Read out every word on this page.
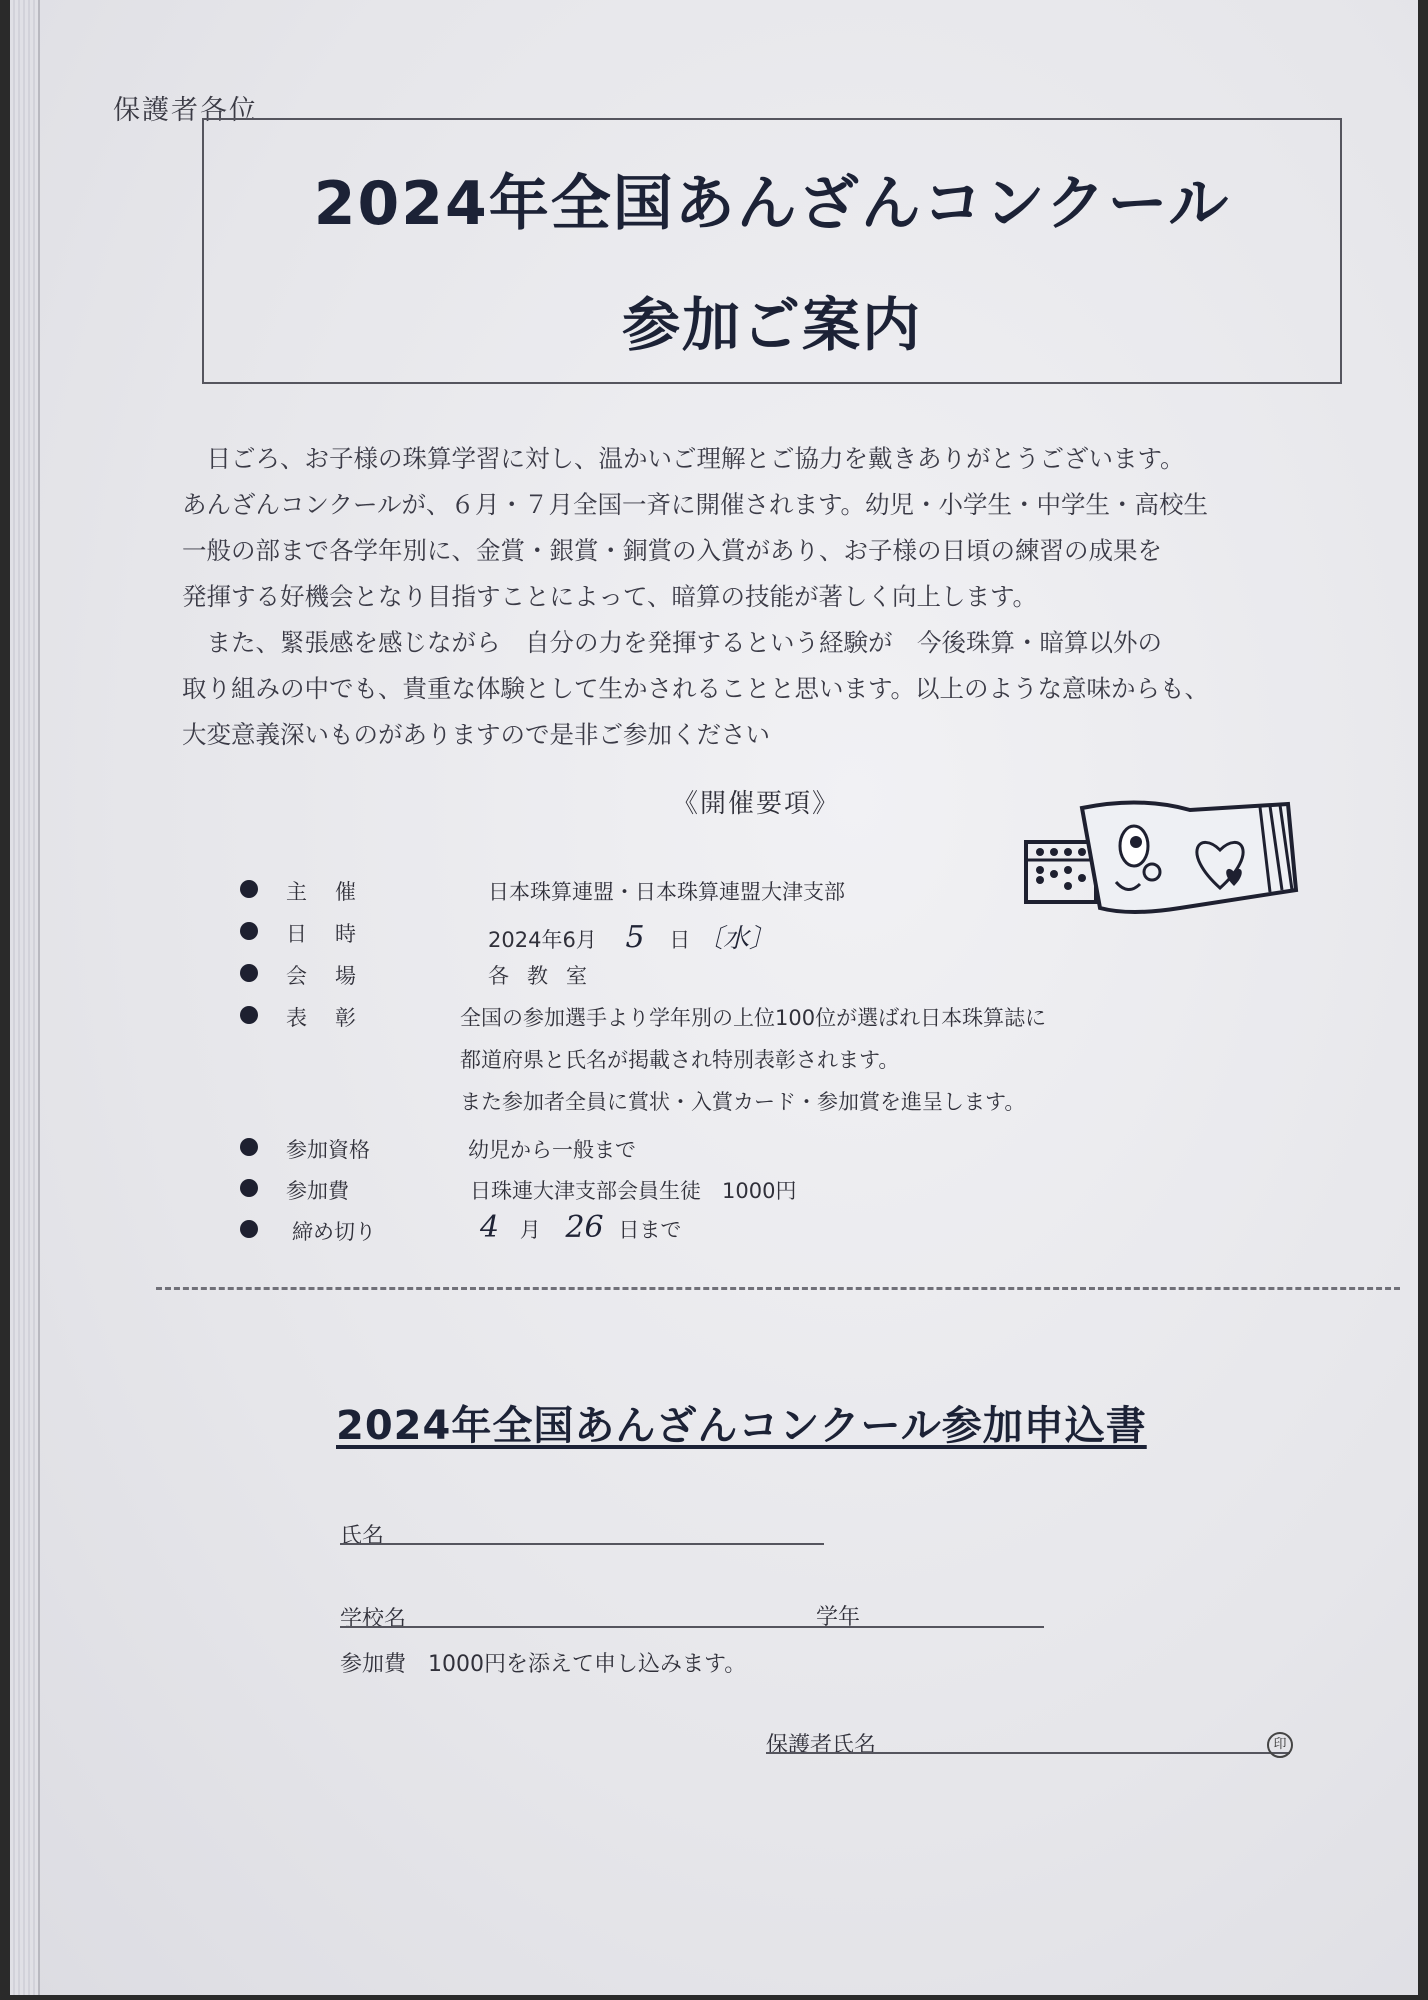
保護者各位
2024年全国あんざんコンクール
参加ご案内

　日ごろ、お子様の珠算学習に対し、温かいご理解とご協力を戴きありがとうございます。

あんざんコンクールが、６月・７月全国一斉に開催されます。幼児・小学生・中学生・高校生

一般の部まで各学年別に、金賞・銀賞・銅賞の入賞があり、お子様の日頃の練習の成果を

発揮する好機会となり目指すことによって、暗算の技能が著しく向上します。

　また、緊張感を感じながら　自分の力を発揮するという経験が　今後珠算・暗算以外の

取り組みの中でも、貴重な体験として生かされることと思います。以上のような意味からも、

大変意義深いものがありますので是非ご参加ください

《開催要項》
主催	日本珠算連盟・日本珠算連盟大津支部
日時	2024年6月 5 日 〔水〕
会場	各教室
表彰	全国の参加選手より学年別の上位100位が選ばれ日本珠算誌に
都道府県と氏名が掲載され特別表彰されます。
また参加者全員に賞状・入賞カード・参加賞を進呈します。
参加資格	幼児から一般まで
参加費	日珠連大津支部会員生徒　1000円
締め切り	4 月 26 日まで
2024年全国あんざんコンクール参加申込書
氏名
学校名	学年
参加費　1000円を添えて申し込みます。
保護者氏名	印
